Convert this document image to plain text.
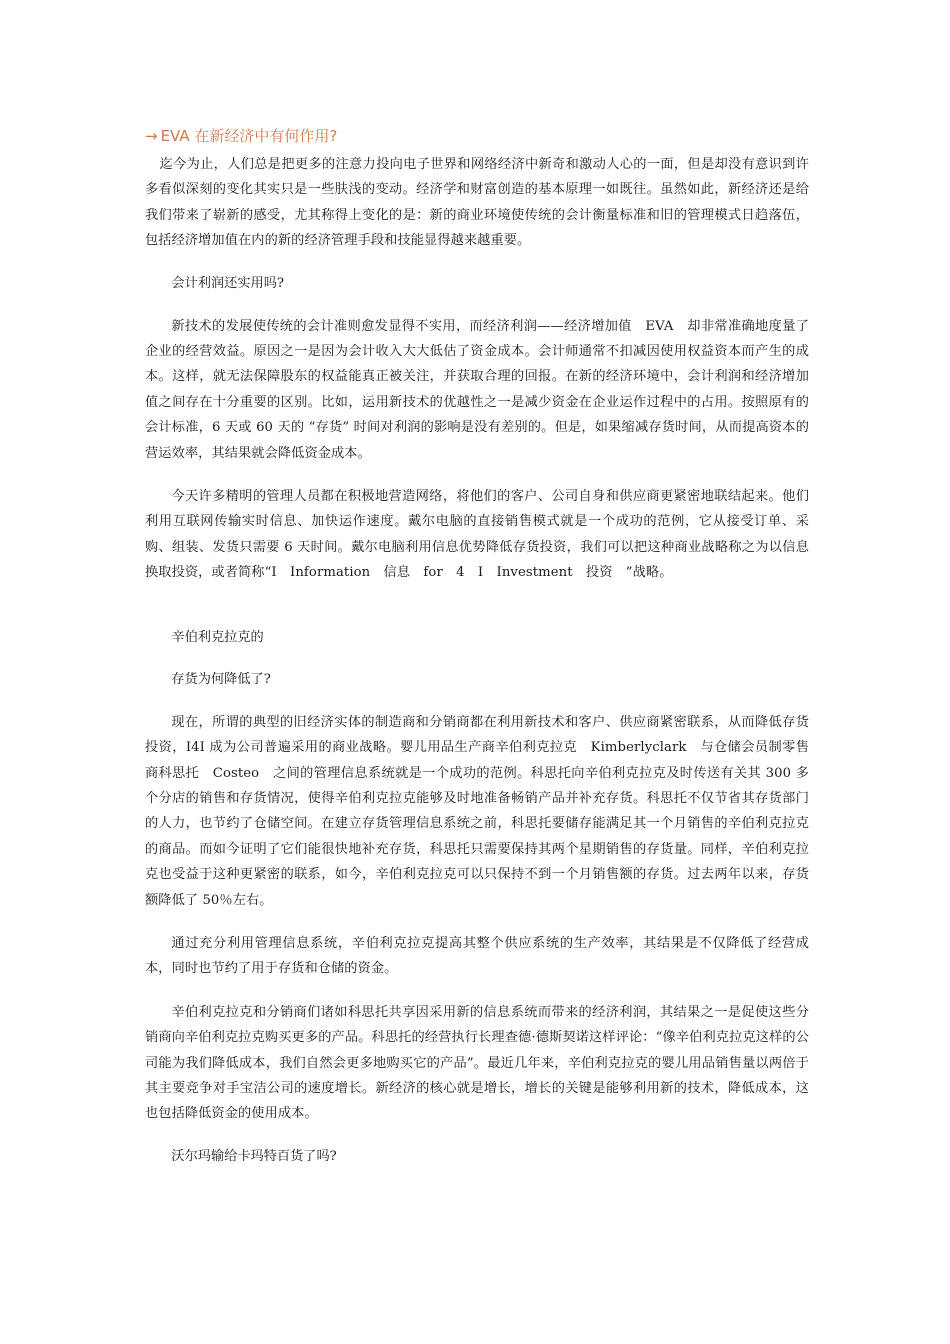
→ EVA 在新经济中有何作用?

迄今为止，人们总是把更多的注意力投向电子世界和网络经济中新奇和激动人心的一面，但是却没有意识到许多看似深刻的变化其实只是一些肤浅的变动。经济学和财富创造的基本原理一如既往。虽然如此，新经济还是给我们带来了崭新的感受，尤其称得上变化的是：新的商业环境使传统的会计衡量标准和旧的管理模式日趋落伍，包括经济增加值在内的新的经济管理手段和技能显得越来越重要。

会计利润还实用吗?

新技术的发展使传统的会计准则愈发显得不实用，而经济利润——经济增加值　EVA　却非常准确地度量了企业的经营效益。原因之一是因为会计收入大大低估了资金成本。会计师通常不扣减因使用权益资本而产生的成本。这样，就无法保障股东的权益能真正被关注，并获取合理的回报。在新的经济环境中，会计利润和经济增加值之间存在十分重要的区别。比如，运用新技术的优越性之一是减少资金在企业运作过程中的占用。按照原有的会计标准，6 天或 60 天的 “存货” 时间对利润的影响是没有差别的。但是，如果缩减存货时间，从而提高资本的营运效率，其结果就会降低资金成本。

今天许多精明的管理人员都在积极地营造网络，将他们的客户、公司自身和供应商更紧密地联结起来。他们利用互联网传输实时信息、加快运作速度。戴尔电脑的直接销售模式就是一个成功的范例，它从接受订单、采购、组装、发货只需要 6 天时间。戴尔电脑利用信息优势降低存货投资，我们可以把这种商业战略称之为以信息换取投资，或者简称“I　Information　信息　for　4　I　Investment　投资　”战略。

辛伯利克拉克的

存货为何降低了?

现在，所谓的典型的旧经济实体的制造商和分销商都在利用新技术和客户、供应商紧密联系，从而降低存货投资，I4I 成为公司普遍采用的商业战略。婴儿用品生产商辛伯利克拉克　Kimberlyclark　与仓储会员制零售商科思托　Costeo　之间的管理信息系统就是一个成功的范例。科思托向辛伯利克拉克及时传送有关其 300 多个分店的销售和存货情况，使得辛伯利克拉克能够及时地准备畅销产品并补充存货。科思托不仅节省其存货部门的人力，也节约了仓储空间。在建立存货管理信息系统之前，科思托要储存能满足其一个月销售的辛伯利克拉克的商品。而如今证明了它们能很快地补充存货，科思托只需要保持其两个星期销售的存货量。同样，辛伯利克拉克也受益于这种更紧密的联系，如今，辛伯利克拉克可以只保持不到一个月销售额的存货。过去两年以来，存货额降低了 50％左右。

通过充分利用管理信息系统，辛伯利克拉克提高其整个供应系统的生产效率，其结果是不仅降低了经营成本，同时也节约了用于存货和仓储的资金。

辛伯利克拉克和分销商们诸如科思托共享因采用新的信息系统而带来的经济利润，其结果之一是促使这些分销商向辛伯利克拉克购买更多的产品。科思托的经营执行长理查德·德斯契诺这样评论：“像辛伯利克拉克这样的公司能为我们降低成本，我们自然会更多地购买它的产品”。最近几年来，辛伯利克拉克的婴儿用品销售量以两倍于其主要竞争对手宝洁公司的速度增长。新经济的核心就是增长，增长的关键是能够利用新的技术，降低成本，这也包括降低资金的使用成本。

沃尔玛输给卡玛特百货了吗?
